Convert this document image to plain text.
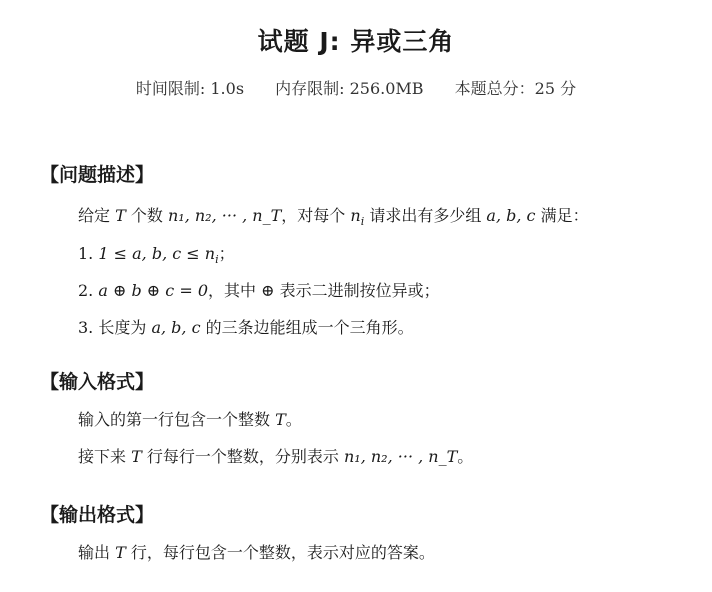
试题 J: 异或三角
时间限制: 1.0s 内存限制: 256.0MB 本题总分：25 分
【问题描述】
给定 T 个数 n₁, n₂, ··· , n_T，对每个 $n_i$ 请求出有多少组 a, b, c 满足：
1. 1 ≤ a, b, $c \le n_i$；
2. a ⊕ b ⊕ c = 0，其中 ⊕ 表示二进制按位异或；
3. 长度为 a, b, c 的三条边能组成一个三角形。
【输入格式】
输入的第一行包含一个整数 T。
接下来 T 行每行一个整数，分别表示 n₁, n₂, ··· , n_T。
【输出格式】
输出 T 行，每行包含一个整数，表示对应的答案。
